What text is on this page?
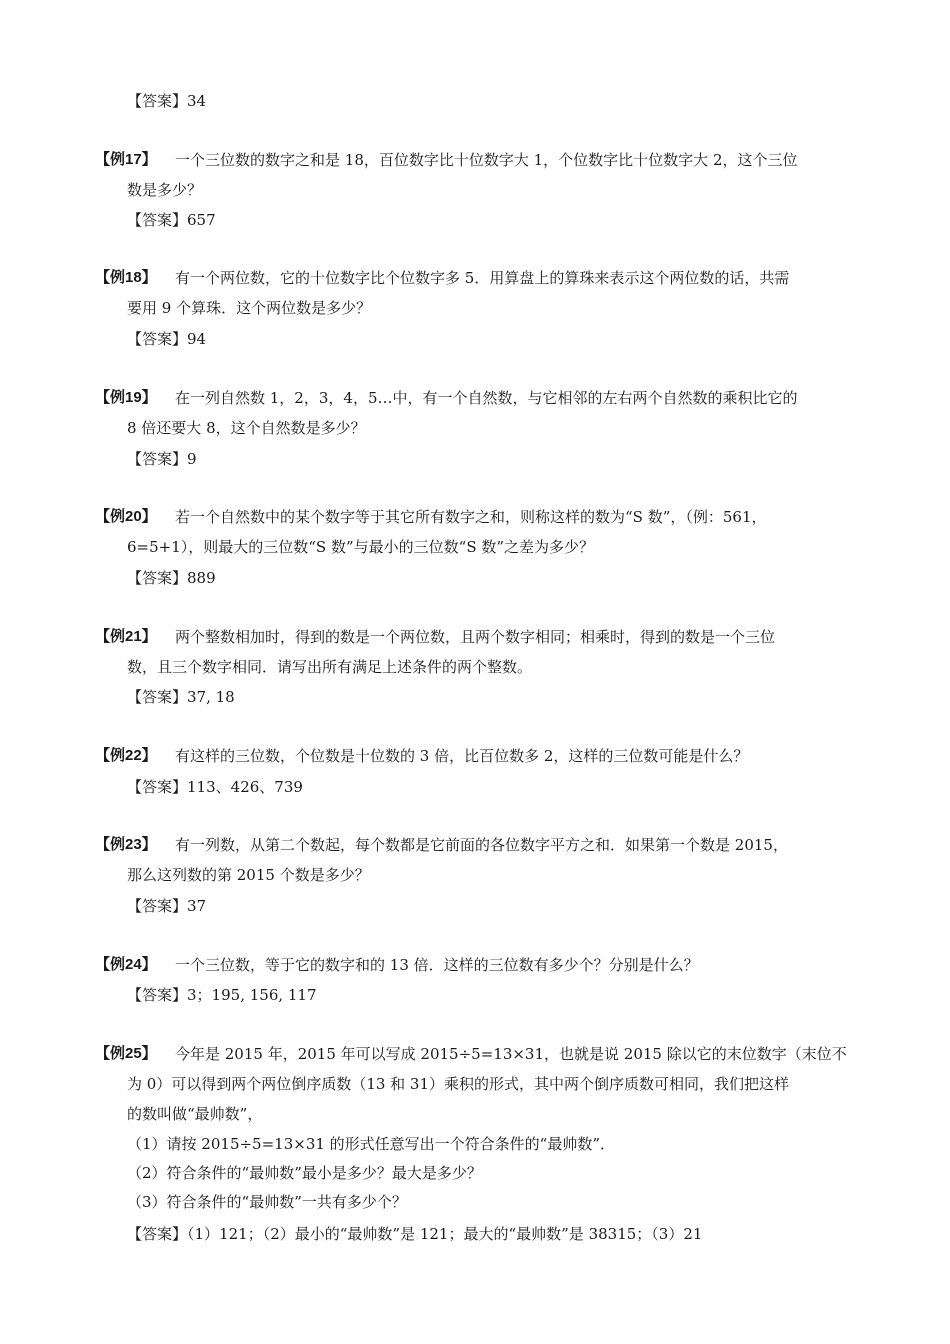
【答案】34
【例17】	一个三位数的数字之和是 18，百位数字比十位数字大 1，个位数字比十位数字大 2，这个三位
数是多少？
【答案】657
【例18】	有一个两位数，它的十位数字比个位数字多 5．用算盘上的算珠来表示这个两位数的话，共需
要用 9 个算珠．这个两位数是多少？
【答案】94
【例19】	在一列自然数 1，2，3，4，5…中，有一个自然数，与它相邻的左右两个自然数的乘积比它的
8 倍还要大 8，这个自然数是多少？
【答案】9
【例20】	若一个自然数中的某个数字等于其它所有数字之和，则称这样的数为“S 数”，（例：561，
6=5+1），则最大的三位数“S 数”与最小的三位数“S 数”之差为多少？
【答案】889
【例21】	两个整数相加时，得到的数是一个两位数，且两个数字相同；相乘时，得到的数是一个三位
数，且三个数字相同．请写出所有满足上述条件的两个整数。
【答案】37, 18
【例22】	有这样的三位数，个位数是十位数的 3 倍，比百位数多 2，这样的三位数可能是什么？
【答案】113、426、739
【例23】	有一列数，从第二个数起，每个数都是它前面的各位数字平方之和．如果第一个数是 2015，
那么这列数的第 2015 个数是多少？
【答案】37
【例24】	一个三位数，等于它的数字和的 13 倍．这样的三位数有多少个？分别是什么？
【答案】3；195, 156, 117
【例25】	今年是 2015 年，2015 年可以写成 2015÷5=13×31，也就是说 2015 除以它的末位数字（末位不
为 0）可以得到两个两位倒序质数（13 和 31）乘积的形式，其中两个倒序质数可相同，我们把这样
的数叫做“最帅数”，
（1）请按 2015÷5=13×31 的形式任意写出一个符合条件的“最帅数”．
（2）符合条件的“最帅数”最小是多少？最大是多少？
（3）符合条件的“最帅数”一共有多少个？
【答案】（1）121；（2）最小的“最帅数”是 121；最大的“最帅数”是 38315；（3）21
